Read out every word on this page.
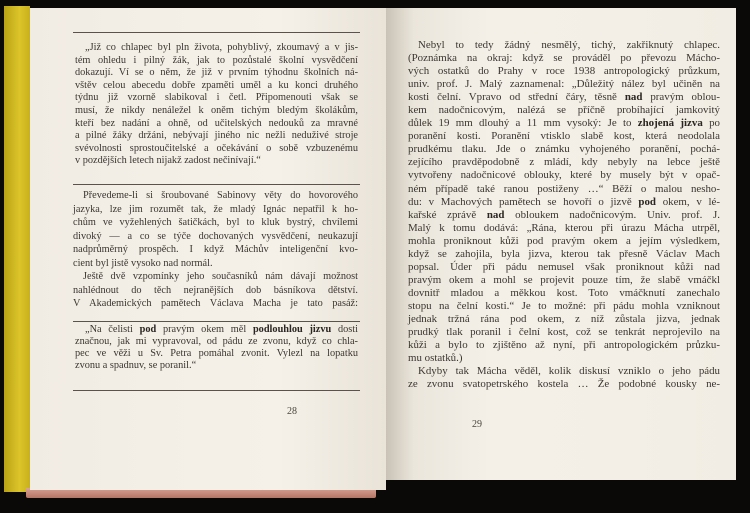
„Již co chlapec byl pln života, pohyblivý, zkoumavý a v jis-
tém ohledu i pilný žák, jak to pozůstalé školní vysvědčení
dokazují. Ví se o něm, že již v prvním týhodnu školních ná-
vštěv celou abecedu dobře zpaměti uměl a ku konci druhého
týdnu již vzorně slabikoval i četl. Připomenouti však se
musí, že nikdy nenáležel k oněm tichým bledým školákům,
kteří bez nadání a ohně, od učitelských nedouků za mravné
a pilné žáky držáni, nebývají jiného nic nežli neduživé stroje
svévolnosti sprostoučitelské a očekávání o sobě vzbuzenému
v pozdějších letech nijakž zadost nečinívají.“
Převedeme-li si šroubované Sabinovy věty do hovorového
jazyka, lze jim rozumět tak, že mladý Ignác nepatřil k ho-
chům ve vyžehlených šatičkách, byl to kluk bystrý, chvílemi
divoký — a co se týče dochovaných vysvědčení, neukazují
nadprůměrný prospěch. I když Máchův inteligenční kvo-
cient byl jistě vysoko nad normál.
Ještě dvě vzpomínky jeho současníků nám dávají možnost
nahlédnout do těch nejranějších dob básníkova dětství.
V Akademických pamětech Václava Macha je tato pasáž:
„Na čelisti pod pravým okem měl podlouhlou jizvu dosti
značnou, jak mi vypravoval, od pádu ze zvonu, když co chla-
pec ve věži u Sv. Petra pomáhal zvonit. Vylezl na lopatku
zvonu a spadnuv, se poranil.“
28
Nebyl to tedy žádný nesmělý, tichý, zakřiknutý chlapec.
(Poznámka na okraj: když se prováděl po převozu Mácho-
vých ostatků do Prahy v roce 1938 antropologický průzkum,
univ. prof. J. Malý zaznamenal: „Důležitý nález byl učiněn na
kosti čelní. Vpravo od střední čáry, těsně nad pravým oblou-
kem nadočnicovým, nalézá se příčně probíhající jamkovitý
důlek 19 mm dlouhý a 11 mm vysoký: Je to zhojená jizva po
poranění kosti. Poranění vtisklo slabě kost, která neodolala
prudkému tlaku. Jde o známku vyhojeného poranění, pochá-
zejícího pravděpodobně z mládí, kdy nebyly na lebce ještě
vytvořeny nadočnicové oblouky, které by musely být v opač-
ném případě také ranou postiženy …“ Běží o malou nesho-
du: v Machových pamětech se hovoří o jizvě pod okem, v lé-
kařské zprávě nad obloukem nadočnicovým. Univ. prof. J.
Malý k tomu dodává: „Rána, kterou při úrazu Mácha utrpěl,
mohla proniknout kůži pod pravým okem a jejím výsledkem,
když se zahojila, byla jizva, kterou tak přesně Václav Mach
popsal. Úder při pádu nemusel však proniknout kůži nad
pravým okem a mohl se projevit pouze tím, že slabě vmáčkl
dovnitř mladou a měkkou kost. Toto vmáčknutí zanechalo
stopu na čelní kosti.“ Je to možné: při pádu mohla vzniknout
jednak tržná rána pod okem, z níž zůstala jizva, jednak
prudký tlak poranil i čelní kost, což se tenkrát neprojevilo na
kůži a bylo to zjištěno až nyní, při antropologickém průzku-
mu ostatků.)
Kdyby tak Mácha věděl, kolik diskusí vzniklo o jeho pádu
ze zvonu svatopetrského kostela … Že podobné kousky ne-
29
